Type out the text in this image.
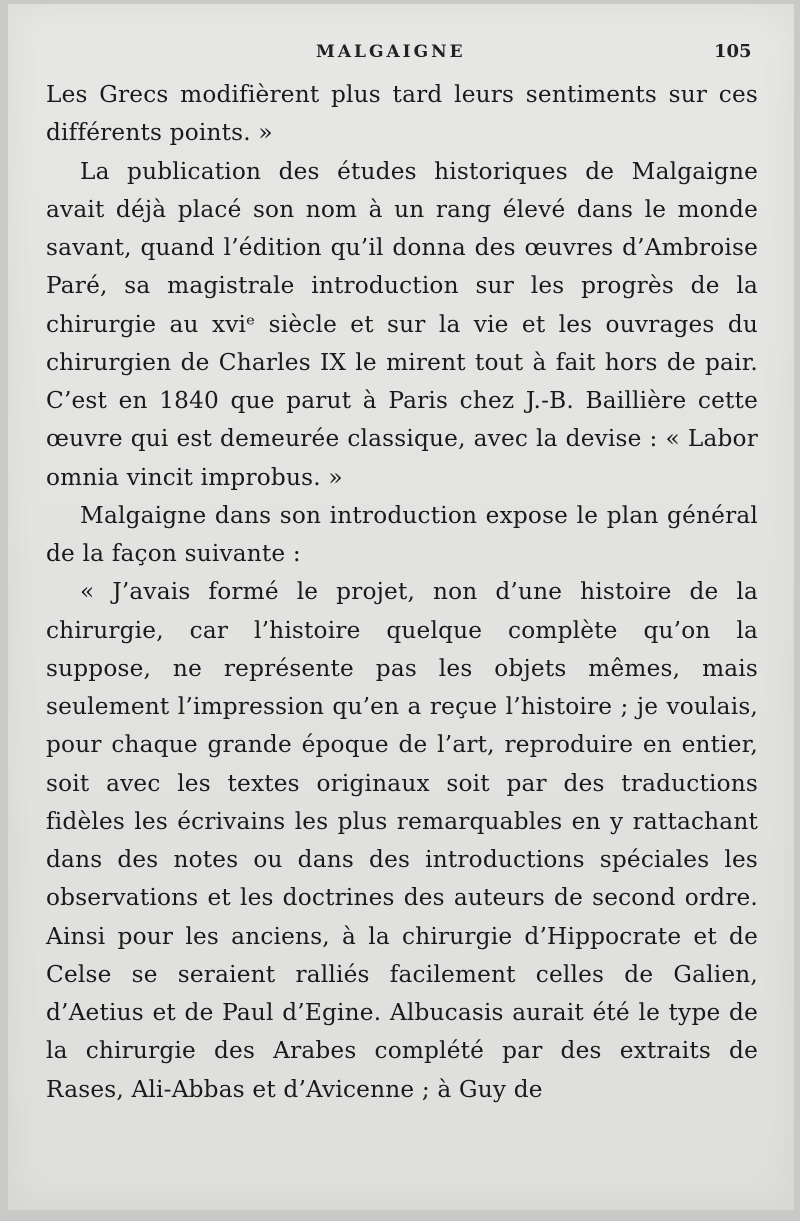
MALGAIGNE	105

Les Grecs modifièrent plus tard leurs sentiments sur ces différents points. »

La publication des études historiques de Malgaigne avait déjà placé son nom à un rang élevé dans le monde savant, quand l’édition qu’il donna des œuvres d’Ambroise Paré, sa magistrale introduction sur les progrès de la chirurgie au xviᵉ siècle et sur la vie et les ouvrages du chirurgien de Charles IX le mirent tout à fait hors de pair. C’est en 1840 que parut à Paris chez J.-B. Baillière cette œuvre qui est demeurée classique, avec la devise : « Labor omnia vincit improbus. »

Malgaigne dans son introduction expose le plan général de la façon suivante :

« J’avais formé le projet, non d’une histoire de la chirurgie, car l’histoire quelque complète qu’on la suppose, ne représente pas les objets mêmes, mais seulement l’impression qu’en a reçue l’histoire ; je voulais, pour chaque grande époque de l’art, reproduire en entier, soit avec les textes originaux soit par des traductions fidèles les écrivains les plus remarquables en y rattachant dans des notes ou dans des introductions spéciales les observations et les doctrines des auteurs de second ordre. Ainsi pour les anciens, à la chirurgie d’Hippocrate et de Celse se seraient ralliés facilement celles de Galien, d’Aetius et de Paul d’Egine. Albucasis aurait été le type de la chirurgie des Arabes complété par des extraits de Rases, Ali-Abbas et d’Avicenne ; à Guy de
